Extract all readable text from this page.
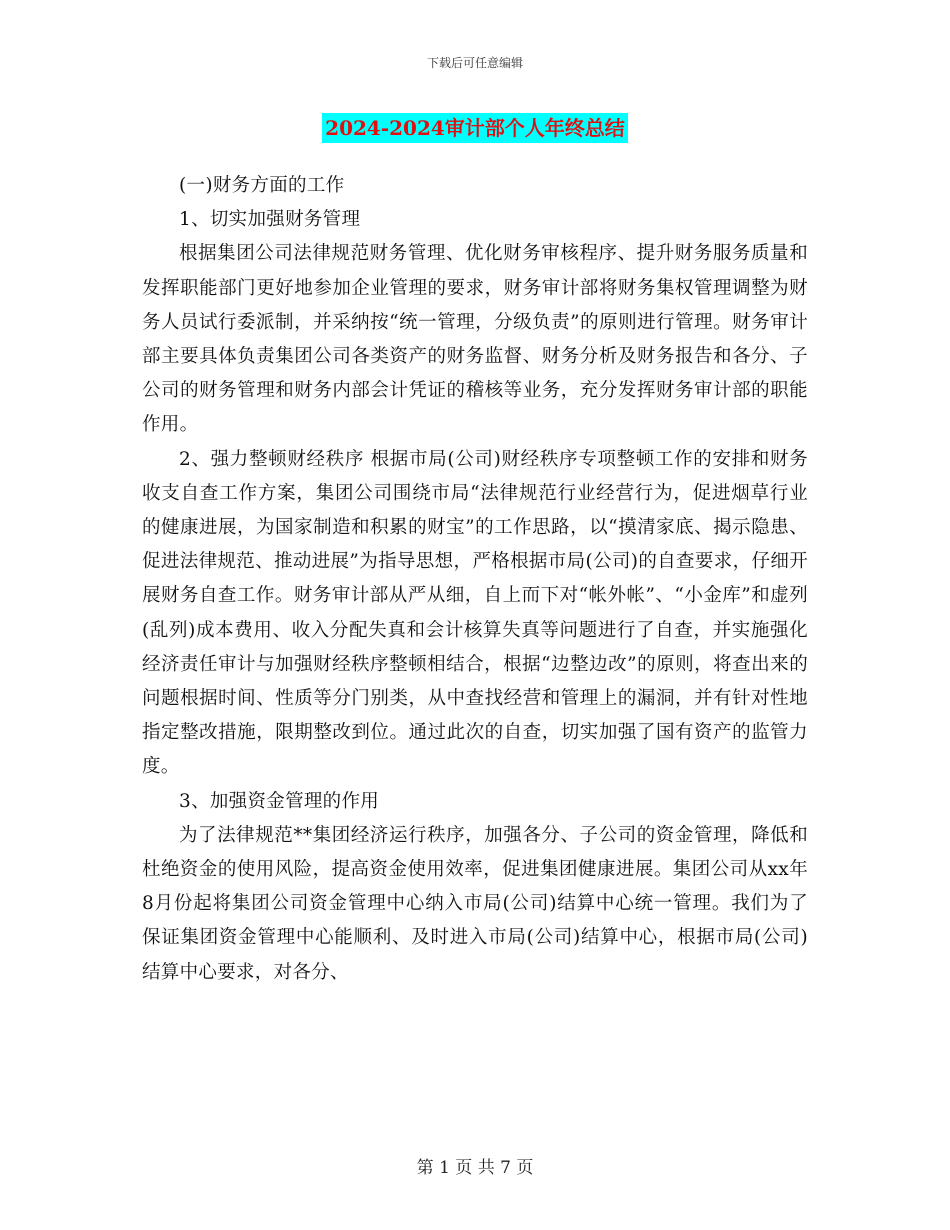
下载后可任意编辑
2024-2024审计部个人年终总结

(一)财务方面的工作

1、切实加强财务管理

根据集团公司法律规范财务管理、优化财务审核程序、提升财务服务质量和发挥职能部门更好地参加企业管理的要求，财务审计部将财务集权管理调整为财务人员试行委派制，并采纳按“统一管理，分级负责”的原则进行管理。财务审计部主要具体负责集团公司各类资产的财务监督、财务分析及财务报告和各分、子公司的财务管理和财务内部会计凭证的稽核等业务，充分发挥财务审计部的职能作用。

2、强力整顿财经秩序 根据市局(公司)财经秩序专项整顿工作的安排和财务收支自查工作方案，集团公司围绕市局“法律规范行业经营行为，促进烟草行业的健康进展，为国家制造和积累的财宝”的工作思路，以“摸清家底、揭示隐患、促进法律规范、推动进展”为指导思想，严格根据市局(公司)的自查要求，仔细开展财务自查工作。财务审计部从严从细，自上而下对“帐外帐”、“小金库”和虚列(乱列)成本费用、收入分配失真和会计核算失真等问题进行了自查，并实施强化经济责任审计与加强财经秩序整顿相结合，根据“边整边改”的原则，将查出来的问题根据时间、性质等分门别类，从中查找经营和管理上的漏洞，并有针对性地指定整改措施，限期整改到位。通过此次的自查，切实加强了国有资产的监管力度。

3、加强资金管理的作用

为了法律规范**集团经济运行秩序，加强各分、子公司的资金管理，降低和杜绝资金的使用风险，提高资金使用效率，促进集团健康进展。集团公司从xx年8月份起将集团公司资金管理中心纳入市局(公司)结算中心统一管理。我们为了保证集团资金管理中心能顺利、及时进入市局(公司)结算中心，根据市局(公司)结算中心要求，对各分、

第 1 页 共 7 页
